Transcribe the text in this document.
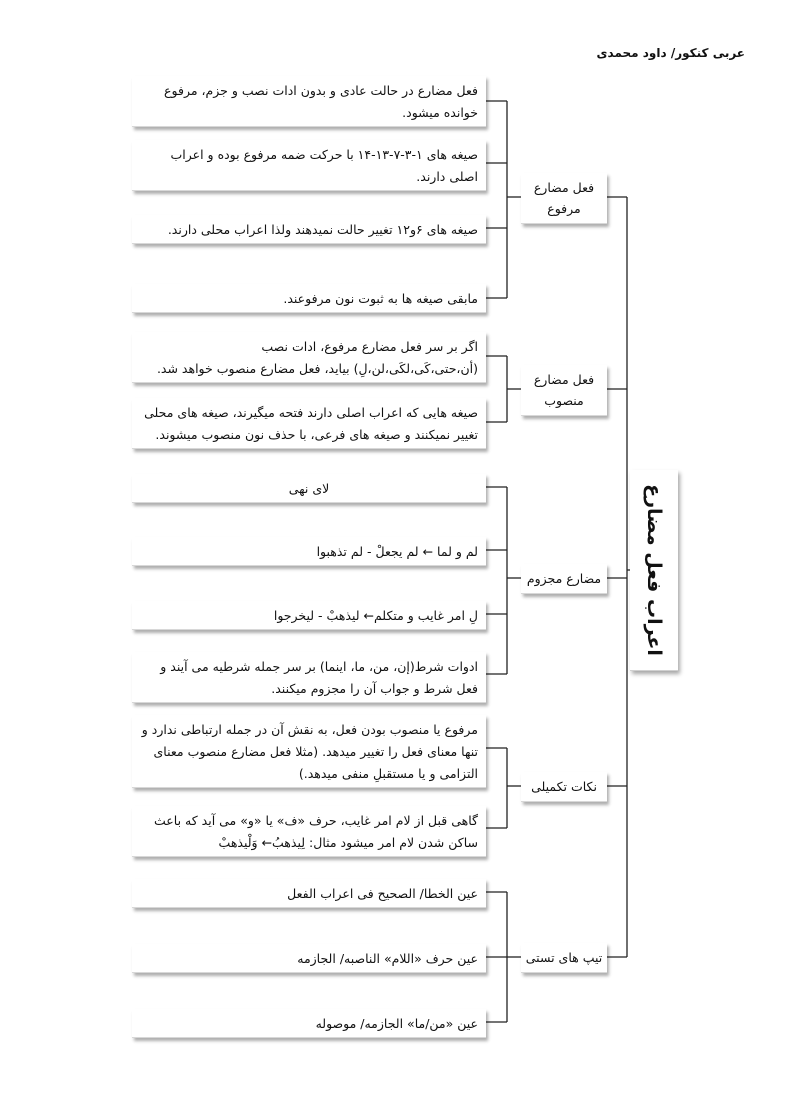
عربی کنکور/ داود محمدی
اعراب فعل مضارع
فعل مضارع مرفوع
فعل مضارع منصوب
مضارع مجزوم
نکات تکمیلی
تیپ های تستی
فعل مضارع در حالت عادی و بدون ادات نصب و جزم، مرفوع خوانده میشود.
صیغه های ۱-۳-۷-۱۳-۱۴ با حرکت ضمه مرفوع بوده و اعراب اصلی دارند.
صیغه های ۶و۱۲ تغییر حالت نمیدهند ولذا اعراب محلی دارند.
مابقی صیغه ها به ثبوت نون مرفوعند.
اگر بر سر فعل مضارع مرفوع، ادات نصب (أن،حتی،کَی،لکَی،لن،لِ) بیاید، فعل مضارع منصوب خواهد شد.
صیغه هایی که اعراب اصلی دارند فتحه میگیرند، صیغه های محلی تغییر نمیکنند و صیغه های فرعی، با حذف نون منصوب میشوند.
لای نهی
لم و لما ← لم یجعلْ - لم تذهبوا
لِ امر غایب و متکلم← لیذهبْ - لیخرجوا
ادوات شرط(إن، من، ما، اینما) بر سر جمله شرطیه می آیند و فعل شرط و جواب آن را مجزوم میکنند.
مرفوع یا منصوب بودن فعل، به نقش آن در جمله ارتباطی ندارد و تنها معنای فعل را تغییر میدهد. (مثلا فعل مضارع منصوب معنای التزامی و یا مستقبلِ منفی میدهد.)
گاهی قبل از لام امر غایب، حرف «ف» یا «و» می آید که باعث ساکن شدن لام امر میشود مثال: لِیذهبُ← وَلْیذهبْ
عین الخطا/ الصحیح فی اعراب الفعل
عین حرف «اللام» الناصبه/ الجازمه
عین «من/ما» الجازمه/ موصوله
